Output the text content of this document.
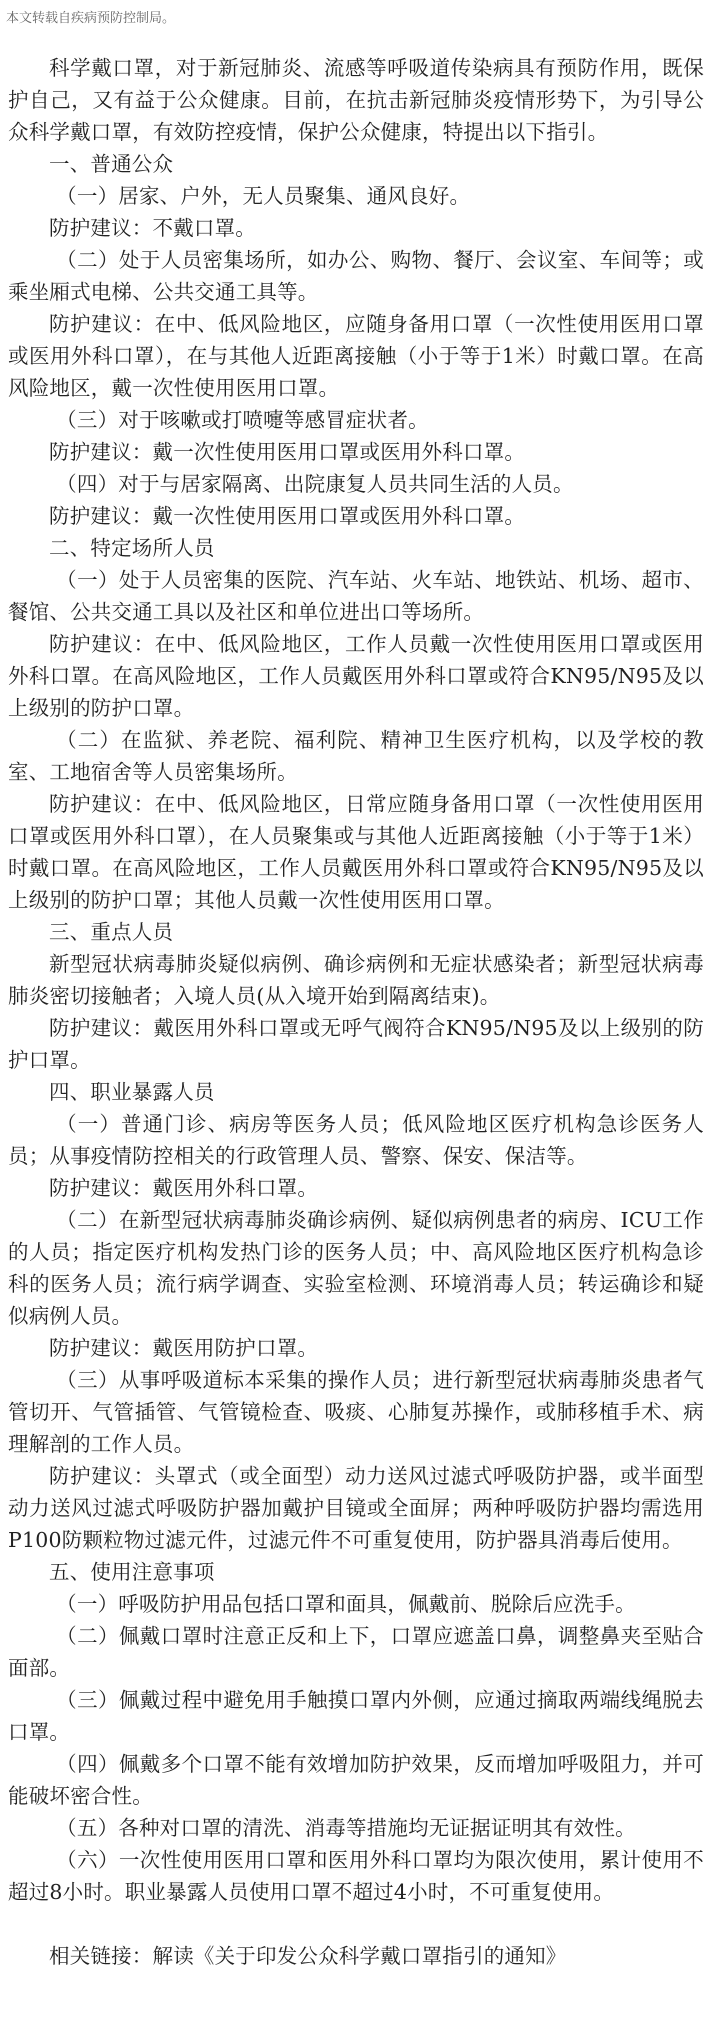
本文转载自疾病预防控制局。

科学戴口罩，对于新冠肺炎、流感等呼吸道传染病具有预防作用，既保护自己，又有益于公众健康。目前，在抗击新冠肺炎疫情形势下，为引导公众科学戴口罩，有效防控疫情，保护公众健康，特提出以下指引。

一、普通公众

（一）居家、户外，无人员聚集、通风良好。

防护建议：不戴口罩。

（二）处于人员密集场所，如办公、购物、餐厅、会议室、车间等；或乘坐厢式电梯、公共交通工具等。

防护建议：在中、低风险地区，应随身备用口罩（一次性使用医用口罩或医用外科口罩），在与其他人近距离接触（小于等于1米）时戴口罩。在高风险地区，戴一次性使用医用口罩。

（三）对于咳嗽或打喷嚏等感冒症状者。

防护建议：戴一次性使用医用口罩或医用外科口罩。

（四）对于与居家隔离、出院康复人员共同生活的人员。

防护建议：戴一次性使用医用口罩或医用外科口罩。

二、特定场所人员

（一）处于人员密集的医院、汽车站、火车站、地铁站、机场、超市、餐馆、公共交通工具以及社区和单位进出口等场所。

防护建议：在中、低风险地区，工作人员戴一次性使用医用口罩或医用外科口罩。在高风险地区，工作人员戴医用外科口罩或符合KN95/N95及以上级别的防护口罩。

（二）在监狱、养老院、福利院、精神卫生医疗机构，以及学校的教室、工地宿舍等人员密集场所。

防护建议：在中、低风险地区，日常应随身备用口罩（一次性使用医用口罩或医用外科口罩），在人员聚集或与其他人近距离接触（小于等于1米）时戴口罩。在高风险地区，工作人员戴医用外科口罩或符合KN95/N95及以上级别的防护口罩；其他人员戴一次性使用医用口罩。

三、重点人员

新型冠状病毒肺炎疑似病例、确诊病例和无症状感染者；新型冠状病毒肺炎密切接触者；入境人员(从入境开始到隔离结束)。

防护建议：戴医用外科口罩或无呼气阀符合KN95/N95及以上级别的防护口罩。

四、职业暴露人员

（一）普通门诊、病房等医务人员；低风险地区医疗机构急诊医务人员；从事疫情防控相关的行政管理人员、警察、保安、保洁等。

防护建议：戴医用外科口罩。

（二）在新型冠状病毒肺炎确诊病例、疑似病例患者的病房、ICU工作的人员；指定医疗机构发热门诊的医务人员；中、高风险地区医疗机构急诊科的医务人员；流行病学调查、实验室检测、环境消毒人员；转运确诊和疑似病例人员。

防护建议：戴医用防护口罩。

（三）从事呼吸道标本采集的操作人员；进行新型冠状病毒肺炎患者气管切开、气管插管、气管镜检查、吸痰、心肺复苏操作，或肺移植手术、病理解剖的工作人员。

防护建议：头罩式（或全面型）动力送风过滤式呼吸防护器，或半面型动力送风过滤式呼吸防护器加戴护目镜或全面屏；两种呼吸防护器均需选用P100防颗粒物过滤元件，过滤元件不可重复使用，防护器具消毒后使用。

五、使用注意事项

（一）呼吸防护用品包括口罩和面具，佩戴前、脱除后应洗手。

（二）佩戴口罩时注意正反和上下，口罩应遮盖口鼻，调整鼻夹至贴合面部。

（三）佩戴过程中避免用手触摸口罩内外侧，应通过摘取两端线绳脱去口罩。

（四）佩戴多个口罩不能有效增加防护效果，反而增加呼吸阻力，并可能破坏密合性。

（五）各种对口罩的清洗、消毒等措施均无证据证明其有效性。

（六）一次性使用医用口罩和医用外科口罩均为限次使用，累计使用不超过8小时。职业暴露人员使用口罩不超过4小时，不可重复使用。

相关链接：解读《关于印发公众科学戴口罩指引的通知》
